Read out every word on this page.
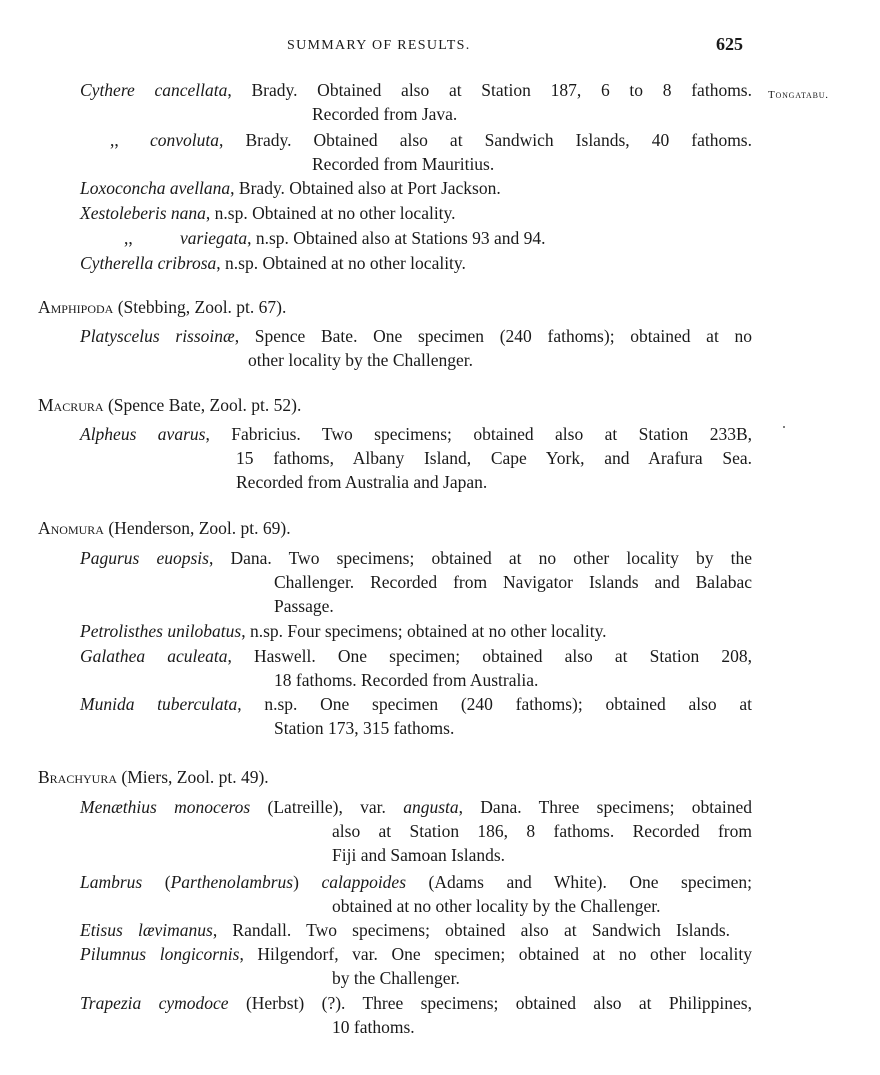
SUMMARY OF RESULTS.	625
Tongatabu.
Cythere cancellata, Brady. Obtained also at Station 187, 6 to 8 fathoms.
Recorded from Java.
,, convoluta, Brady. Obtained also at Sandwich Islands, 40 fathoms.
Recorded from Mauritius.
Loxoconcha avellana, Brady. Obtained also at Port Jackson.
Xestoleberis nana, n.sp. Obtained at no other locality.
,,	variegata, n.sp. Obtained also at Stations 93 and 94.
Cytherella cribrosa, n.sp. Obtained at no other locality.
Amphipoda (Stebbing, Zool. pt. 67).
Platyscelus rissoinæ, Spence Bate. One specimen (240 fathoms); obtained at no
other locality by the Challenger.
Macrura (Spence Bate, Zool. pt. 52).
Alpheus avarus, Fabricius. Two specimens; obtained also at Station 233B,
15 fathoms, Albany Island, Cape York, and Arafura Sea.
Recorded from Australia and Japan.
Anomura (Henderson, Zool. pt. 69).
Pagurus euopsis, Dana. Two specimens; obtained at no other locality by the
Challenger. Recorded from Navigator Islands and Balabac
Passage.
Petrolisthes unilobatus, n.sp. Four specimens; obtained at no other locality.
Galathea aculeata, Haswell. One specimen; obtained also at Station 208,
18 fathoms. Recorded from Australia.
Munida tuberculata, n.sp. One specimen (240 fathoms); obtained also at
Station 173, 315 fathoms.
Brachyura (Miers, Zool. pt. 49).
Menæthius monoceros (Latreille), var. angusta, Dana. Three specimens; obtained
also at Station 186, 8 fathoms. Recorded from
Fiji and Samoan Islands.
Lambrus (Parthenolambrus) calappoides (Adams and White). One specimen;
obtained at no other locality by the Challenger.
Etisus lævimanus, Randall. Two specimens; obtained also at Sandwich Islands.
Pilumnus longicornis, Hilgendorf, var. One specimen; obtained at no other locality
by the Challenger.
Trapezia cymodoce (Herbst) (?). Three specimens; obtained also at Philippines,
10 fathoms.
